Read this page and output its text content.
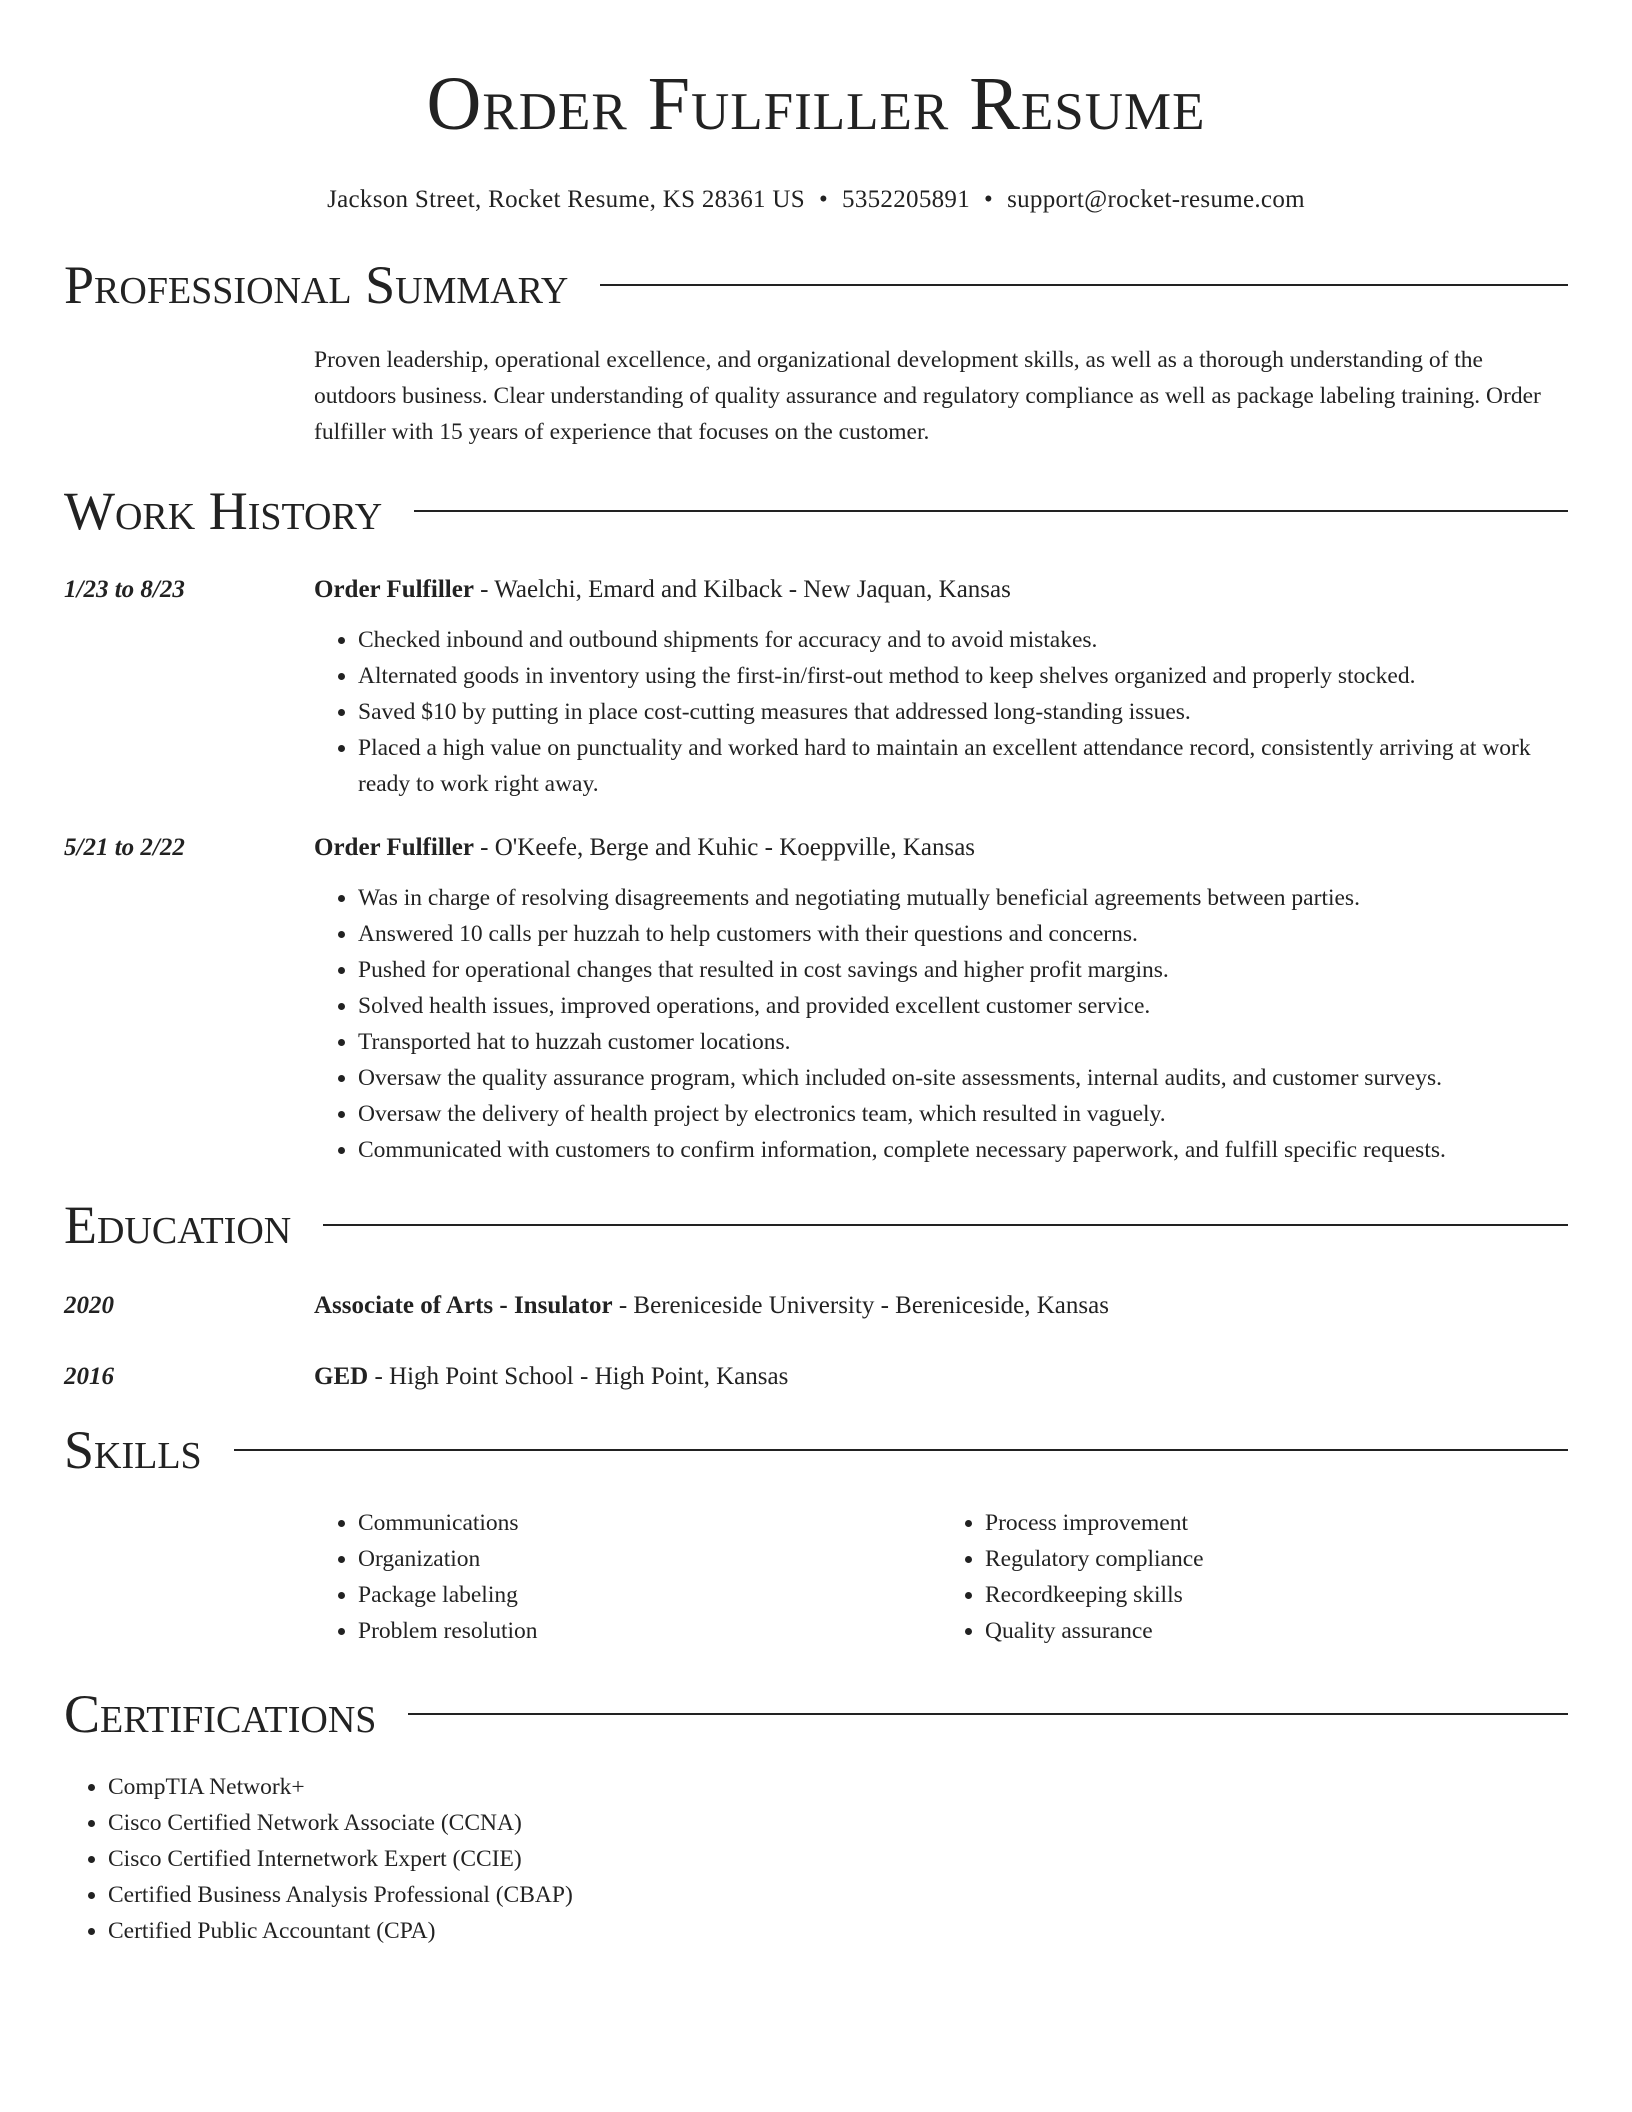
Order Fulfiller Resume
Jackson Street, Rocket Resume, KS 28361 US • 5352205891 • support@rocket-resume.com
Professional Summary
Proven leadership, operational excellence, and organizational development skills, as well as a thorough understanding of the outdoors business. Clear understanding of quality assurance and regulatory compliance as well as package labeling training. Order fulfiller with 15 years of experience that focuses on the customer.
Work History
1/23 to 8/23	Order Fulfiller - Waelchi, Emard and Kilback - New Jaquan, Kansas
• Checked inbound and outbound shipments for accuracy and to avoid mistakes.
• Alternated goods in inventory using the first-in/first-out method to keep shelves organized and properly stocked.
• Saved $10 by putting in place cost-cutting measures that addressed long-standing issues.
• Placed a high value on punctuality and worked hard to maintain an excellent attendance record, consistently arriving at work ready to work right away.
5/21 to 2/22	Order Fulfiller - O'Keefe, Berge and Kuhic - Koeppville, Kansas
• Was in charge of resolving disagreements and negotiating mutually beneficial agreements between parties.
• Answered 10 calls per huzzah to help customers with their questions and concerns.
• Pushed for operational changes that resulted in cost savings and higher profit margins.
• Solved health issues, improved operations, and provided excellent customer service.
• Transported hat to huzzah customer locations.
• Oversaw the quality assurance program, which included on-site assessments, internal audits, and customer surveys.
• Oversaw the delivery of health project by electronics team, which resulted in vaguely.
• Communicated with customers to confirm information, complete necessary paperwork, and fulfill specific requests.
Education
2020	Associate of Arts - Insulator - Bereniceside University - Bereniceside, Kansas
2016	GED - High Point School - High Point, Kansas
Skills
• Communications
• Organization
• Package labeling
• Problem resolution
• Process improvement
• Regulatory compliance
• Recordkeeping skills
• Quality assurance
Certifications
• CompTIA Network+
• Cisco Certified Network Associate (CCNA)
• Cisco Certified Internetwork Expert (CCIE)
• Certified Business Analysis Professional (CBAP)
• Certified Public Accountant (CPA)
